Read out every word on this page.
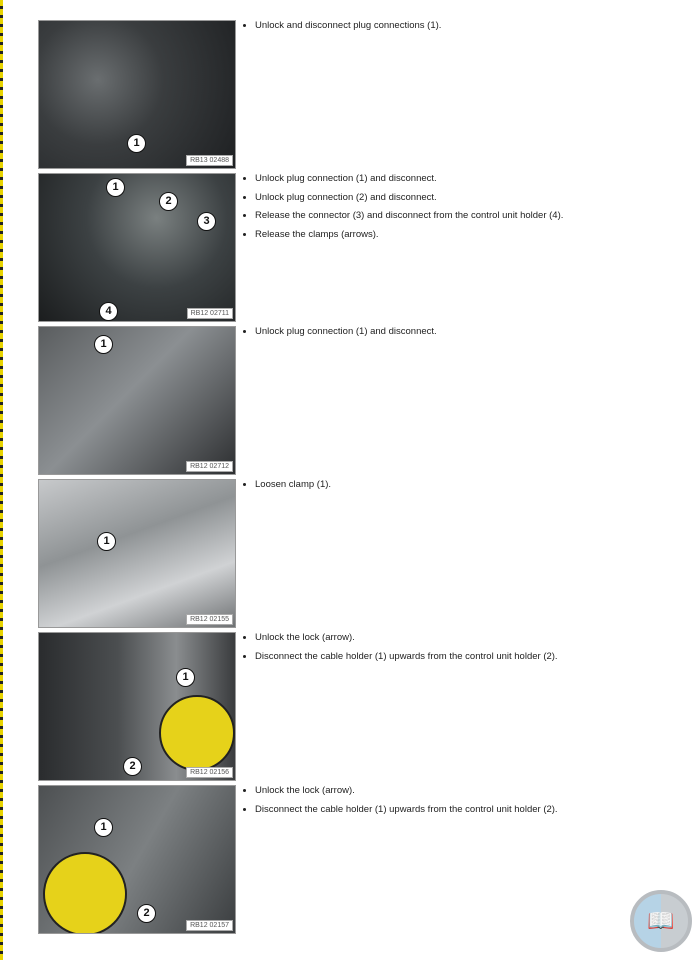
1
RB13 02488
• Unlock and disconnect plug connections (1).
1
2
3
4	RB12 02711
• Unlock plug connection (1) and disconnect.
• Unlock plug connection (2) and disconnect.
• Release the connector (3) and disconnect from the control unit holder (4).
• Release the clamps (arrows).
1
RB12 02712
• Unlock plug connection (1) and disconnect.
1
RB12 02155
• Loosen clamp (1).
1
2
RB12 02156
• Unlock the lock (arrow).
• Disconnect the cable holder (1) upwards from the control unit holder (2).
1
2
RB12 02157
• Unlock the lock (arrow).
• Disconnect the cable holder (1) upwards from the control unit holder (2).
📖
